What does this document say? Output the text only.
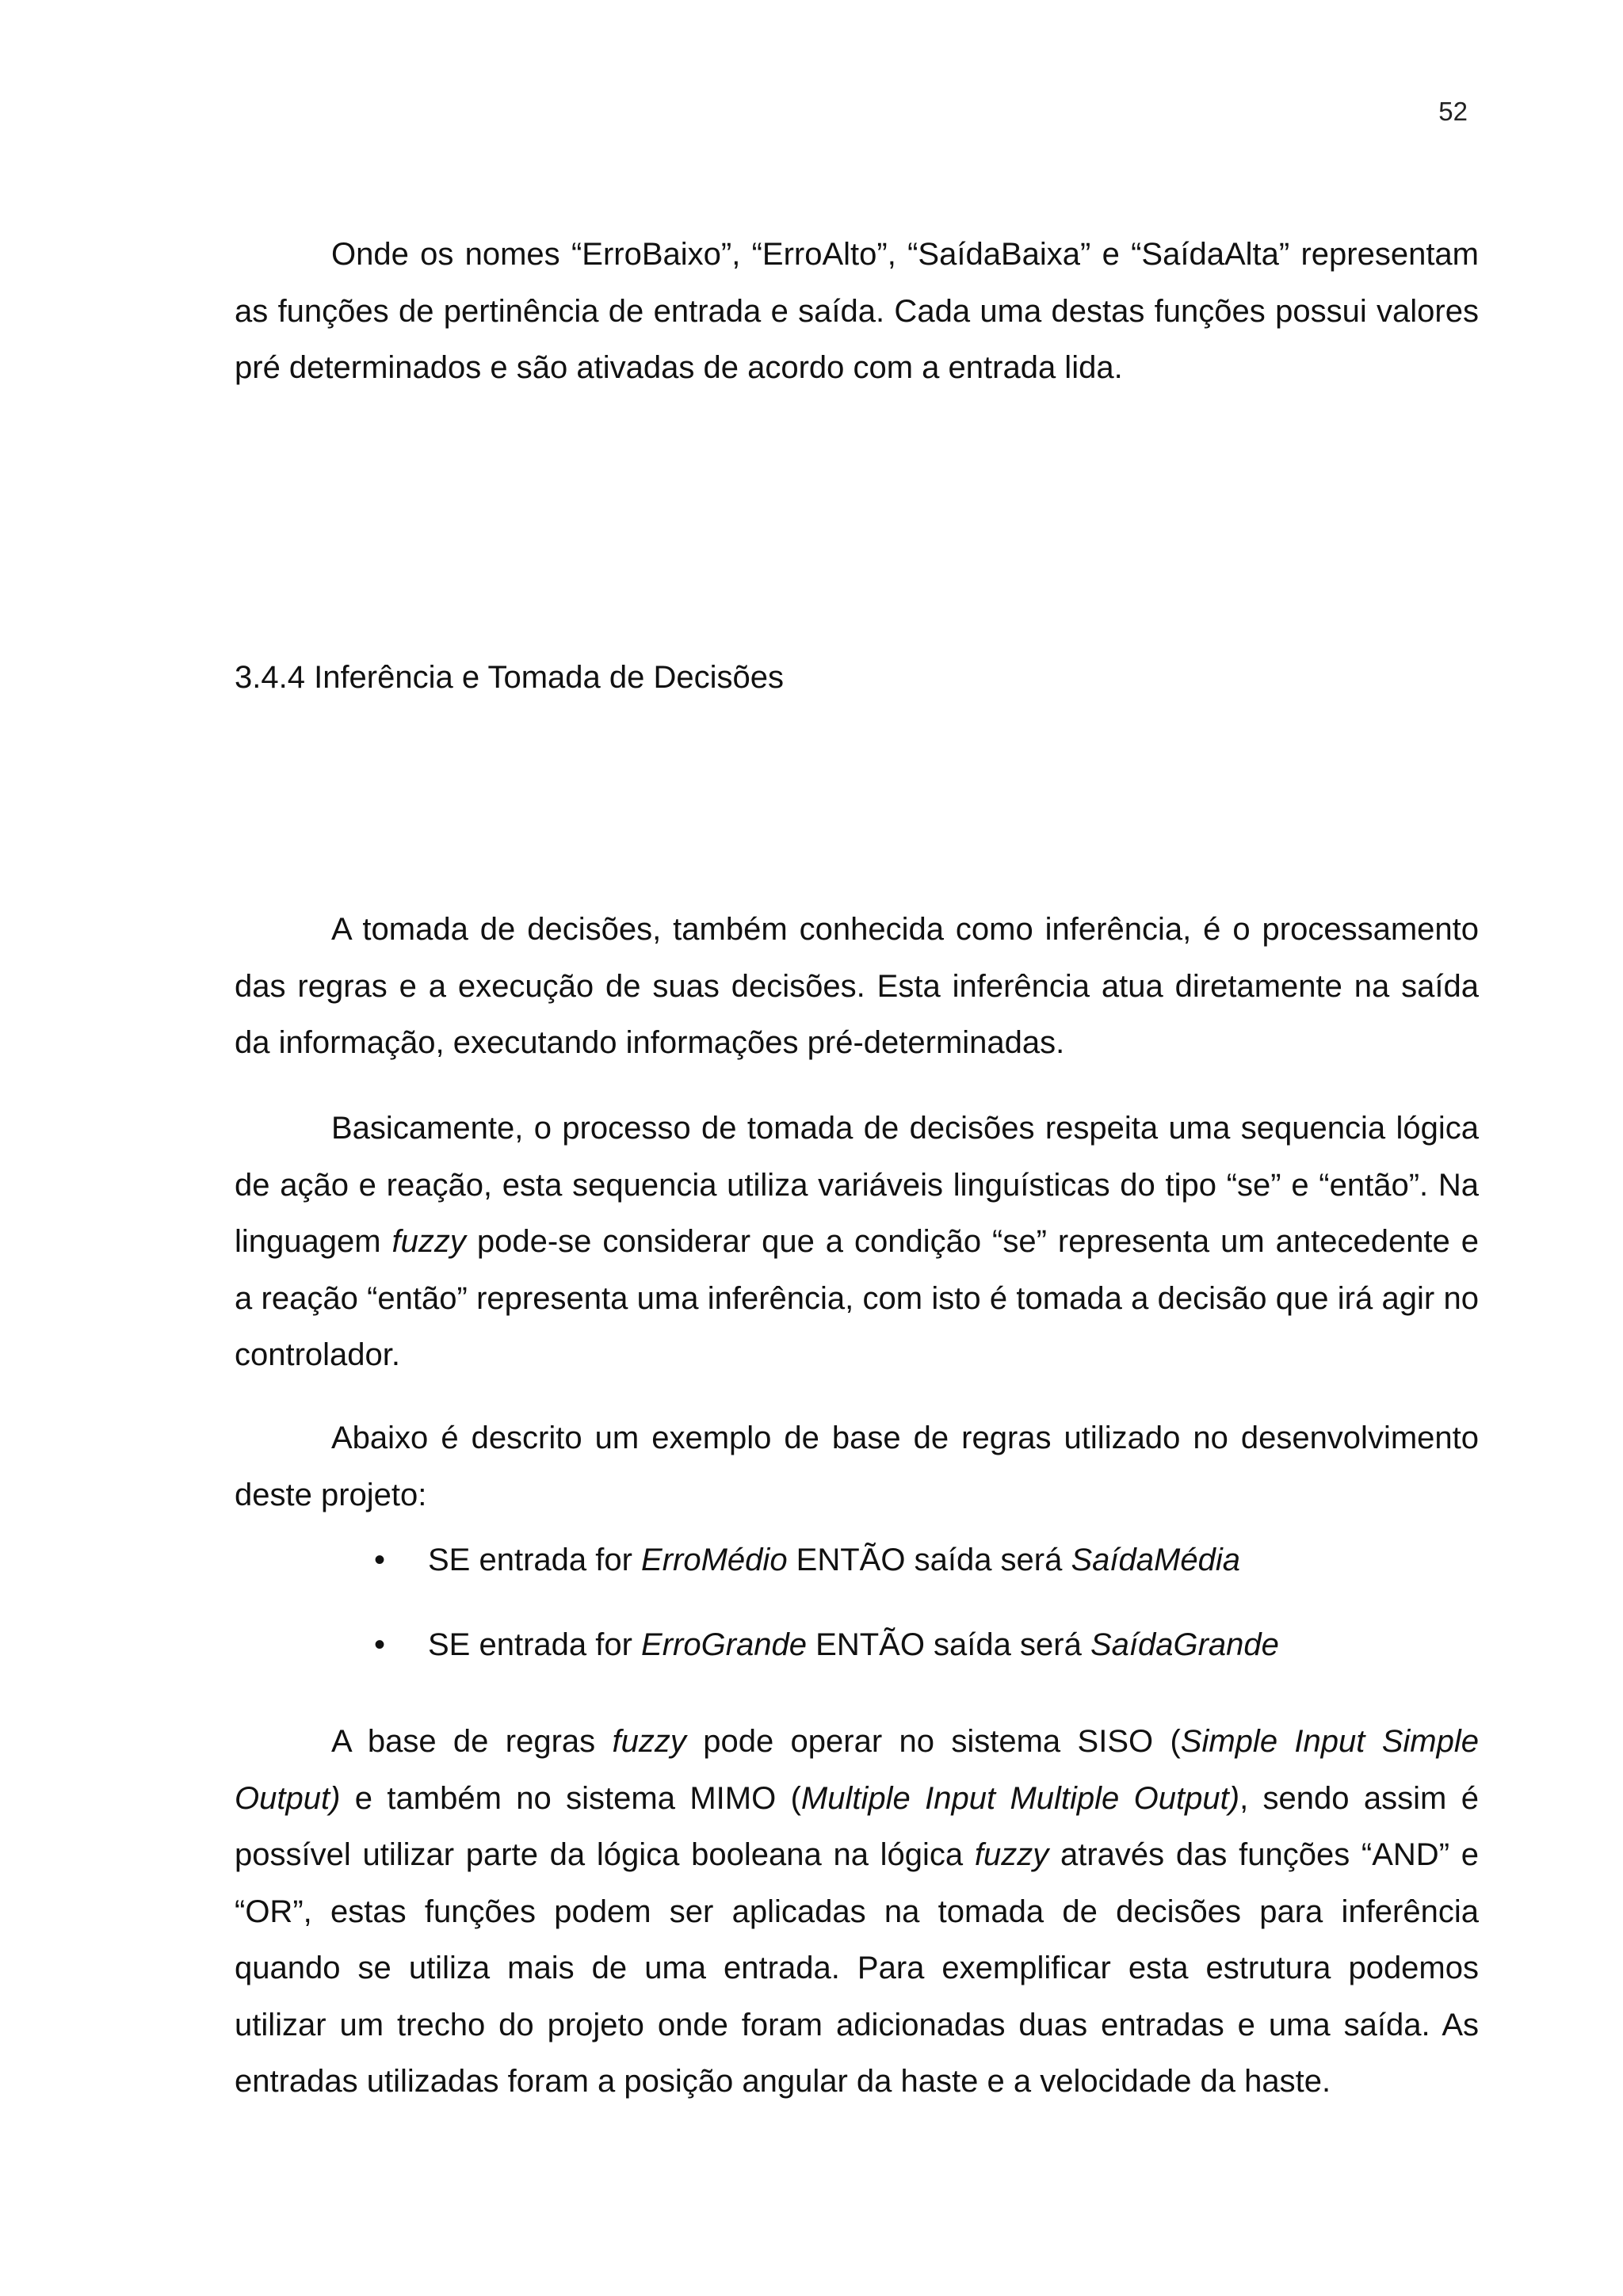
52

Onde os nomes “ErroBaixo”, “ErroAlto”, “SaídaBaixa” e “SaídaAlta” representam as funções de pertinência de entrada e saída. Cada uma destas funções possui valores pré determinados e são ativadas de acordo com a entrada lida.

3.4.4 Inferência e Tomada de Decisões

A tomada de decisões, também conhecida como inferência, é o processamento das regras e a execução de suas decisões. Esta inferência atua diretamente na saída da informação, executando informações pré-determinadas.

Basicamente, o processo de tomada de decisões respeita uma sequencia lógica de ação e reação, esta sequencia utiliza variáveis linguísticas do tipo “se” e “então”. Na linguagem fuzzy pode-se considerar que a condição “se” representa um antecedente e a reação “então” representa uma inferência, com isto é tomada a decisão que irá agir no controlador.

Abaixo é descrito um exemplo de base de regras utilizado no desenvolvimento deste projeto:

• SE entrada for ErroMédio ENTÃO saída será SaídaMédia
• SE entrada for ErroGrande ENTÃO saída será SaídaGrande

A base de regras fuzzy pode operar no sistema SISO (Simple Input Simple Output) e também no sistema MIMO (Multiple Input Multiple Output), sendo assim é possível utilizar parte da lógica booleana na lógica fuzzy através das funções “AND” e “OR”, estas funções podem ser aplicadas na tomada de decisões para inferência quando se utiliza mais de uma entrada. Para exemplificar esta estrutura podemos utilizar um trecho do projeto onde foram adicionadas duas entradas e uma saída. As entradas utilizadas foram a posição angular da haste e a velocidade da haste.
